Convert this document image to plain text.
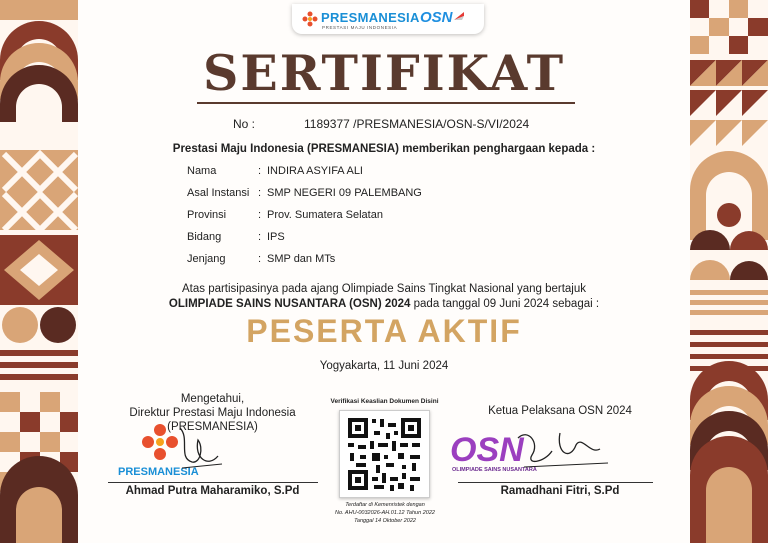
PRESMANESIA
PRESTASI MAJU INDONESIA
OSN
SERTIFIKAT
No :	1189377 /PRESMANESIA/OSN-S/VI/2024
Prestasi Maju Indonesia (PRESMANESIA) memberikan penghargaan kepada :
Nama	: INDIRA ASYIFA ALI
Asal Instansi : SMP NEGERI 09 PALEMBANG
Provinsi	: Prov. Sumatera Selatan
Bidang	: IPS
Jenjang	: SMP dan MTs
Atas partisipasinya pada ajang Olimpiade Sains Tingkat Nasional yang bertajuk
OLIMPIADE SAINS NUSANTARA (OSN) 2024 pada tanggal 09 Juni 2024 sebagai :
PESERTA AKTIF
Yogyakarta, 11 Juni 2024
Mengetahui,
Direktur Prestasi Maju Indonesia
(PRESMANESIA)
PRESMANESIA
Ahmad Putra Maharamiko, S.Pd
Verifikasi Keaslian Dokumen Disini
Terdaftar di Kemenristek dengan
No. AHU-0032026-AH.01.12 Tahun 2022
Tanggal 14 Oktober 2022
Ketua Pelaksana OSN 2024
OSN
OLIMPIADE SAINS NUSANTARA
Ramadhani Fitri, S.Pd
